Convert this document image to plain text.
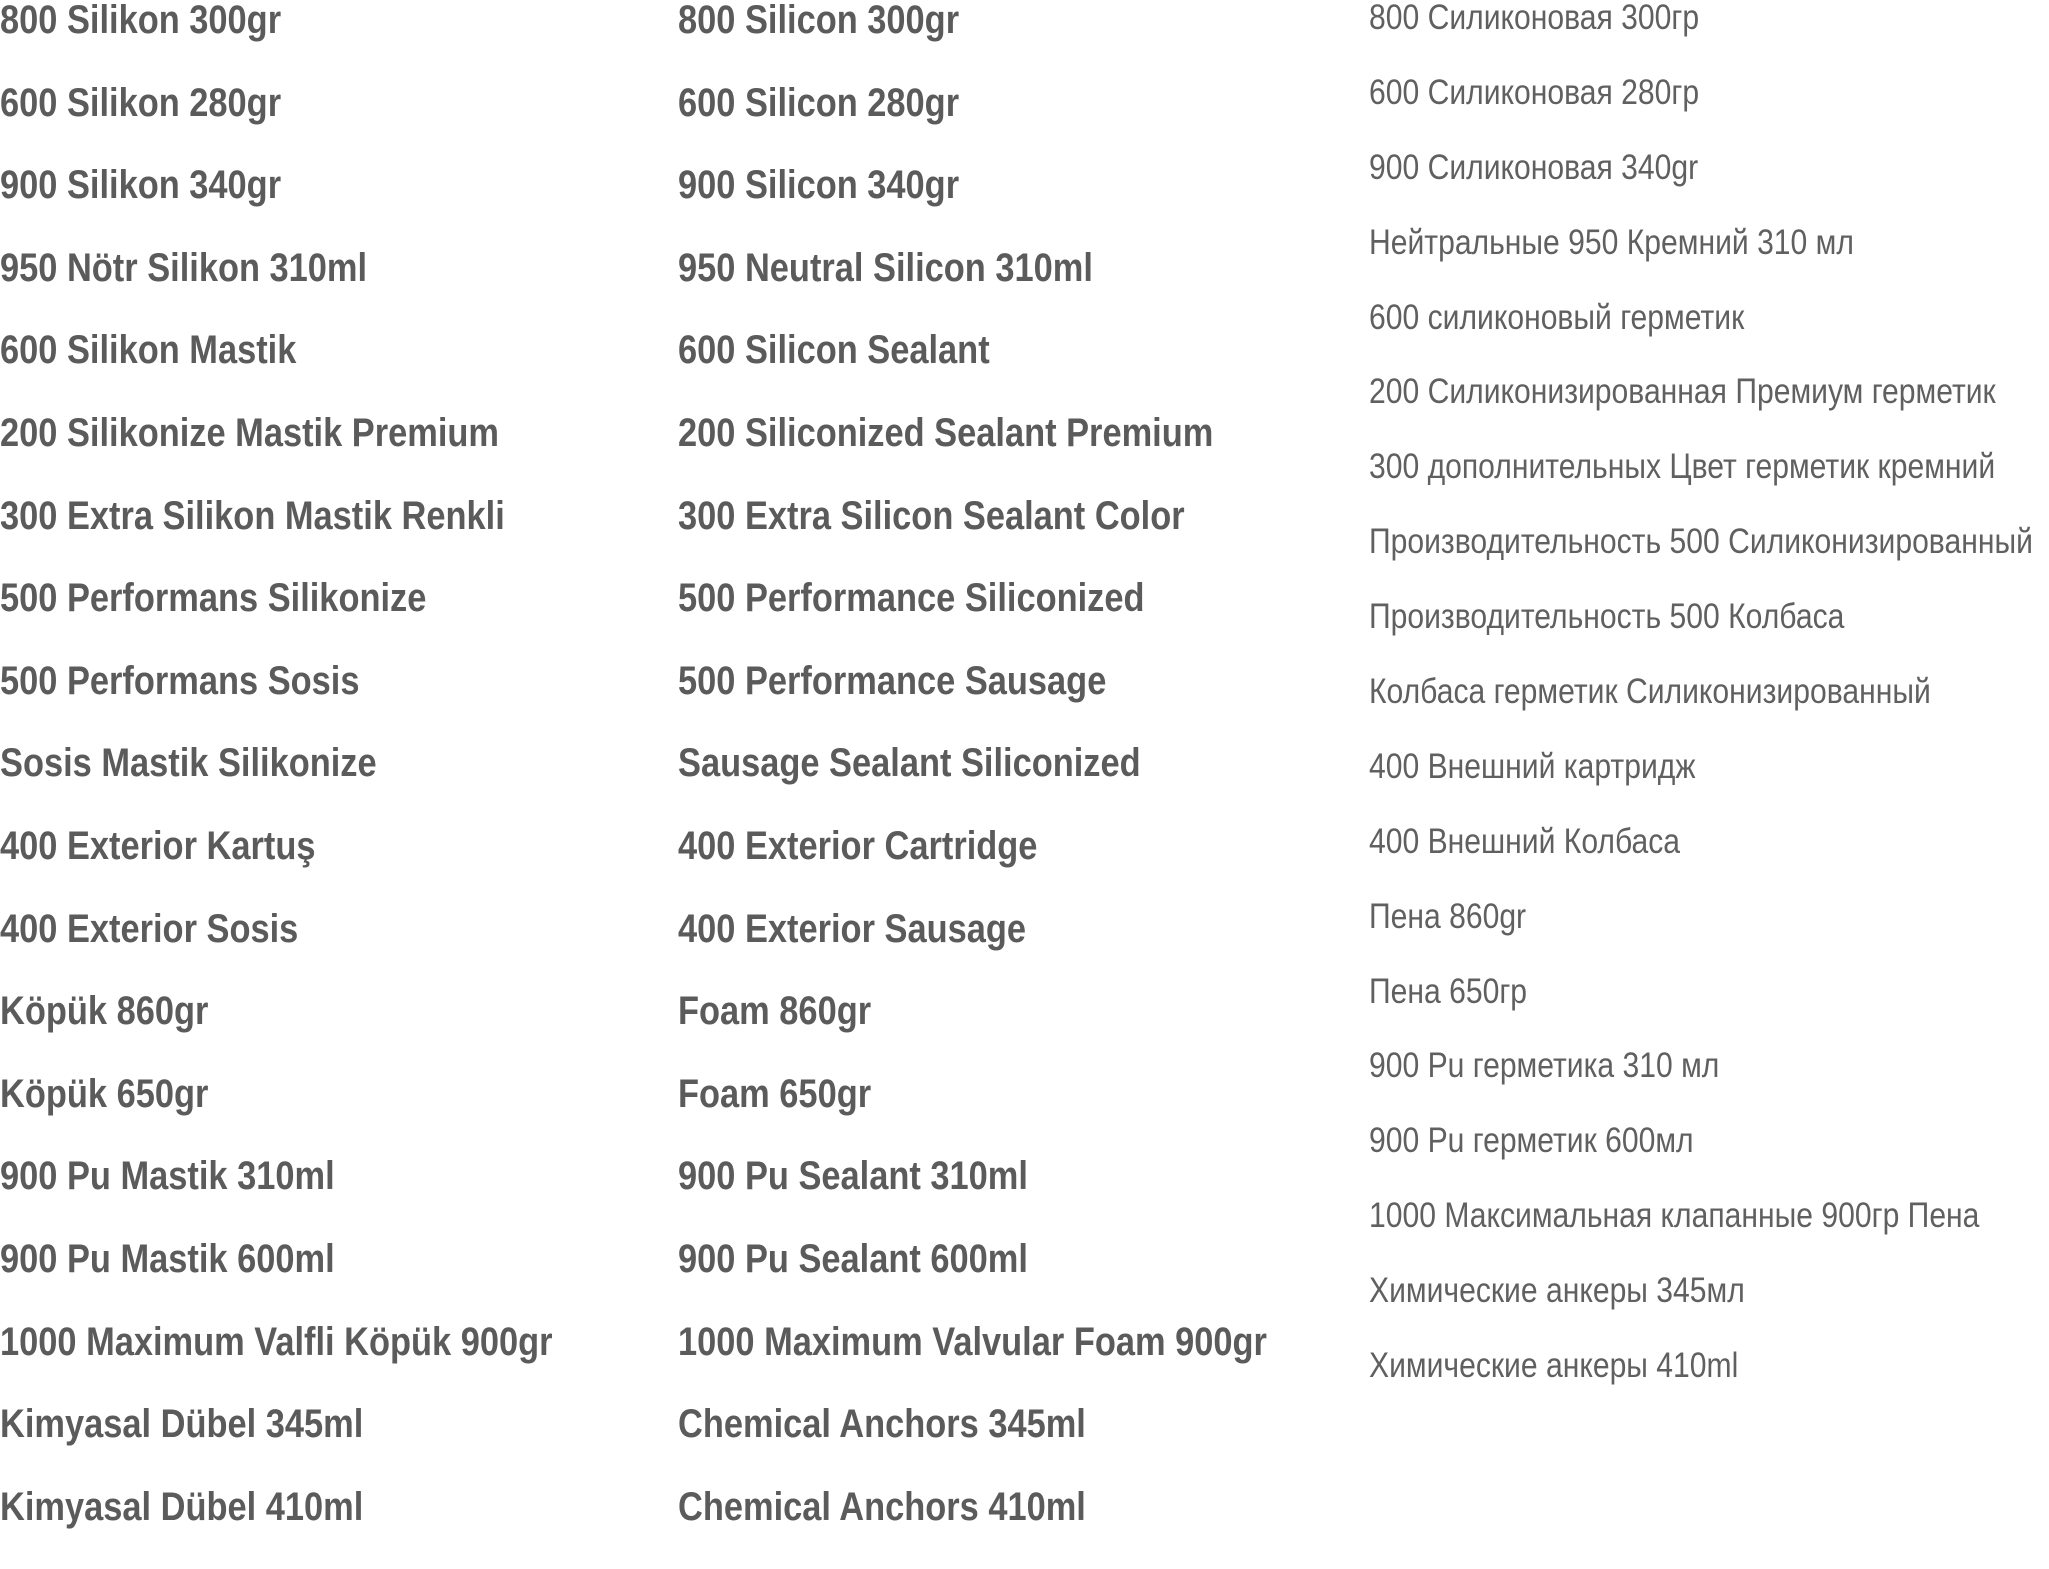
800 Silikon 300gr
600 Silikon 280gr
900 Silikon 340gr
950 Nötr Silikon 310ml
600 Silikon Mastik
200 Silikonize Mastik Premium
300 Extra Silikon Mastik Renkli
500 Performans Silikonize
500 Performans Sosis
Sosis Mastik Silikonize
400 Exterior Kartuş
400 Exterior Sosis
Köpük 860gr
Köpük 650gr
900 Pu Mastik 310ml
900 Pu Mastik 600ml
1000 Maximum Valfli Köpük 900gr
Kimyasal Dübel 345ml
Kimyasal Dübel 410ml
800 Silicon 300gr
600 Silicon 280gr
900 Silicon 340gr
950 Neutral Silicon 310ml
600 Silicon Sealant
200 Siliconized Sealant Premium
300 Extra Silicon Sealant Color
500 Performance Siliconized
500 Performance Sausage
Sausage Sealant Siliconized
400 Exterior Cartridge
400 Exterior Sausage
Foam 860gr
Foam 650gr
900 Pu Sealant 310ml
900 Pu Sealant 600ml
1000 Maximum Valvular Foam 900gr
Chemical Anchors 345ml
Chemical Anchors 410ml
800 Силиконовая 300гр
600 Силиконовая 280гр
900 Силиконовая 340gr
Нейтральные 950 Кремний 310 мл
600 силиконовый герметик
200 Силиконизированная Премиум герметик
300 дополнительных Цвет герметик кремний
Производительность 500 Силиконизированный
Производительность 500 Колбаса
Колбаса герметик Силиконизированный
400 Внешний картридж
400 Внешний Колбаса
Пена 860gr
Пена 650гр
900 Pu герметика 310 мл
900 Pu герметик 600мл
1000 Максимальная клапанные 900гр Пена
Химические анкеры 345мл
Химические анкеры 410ml
